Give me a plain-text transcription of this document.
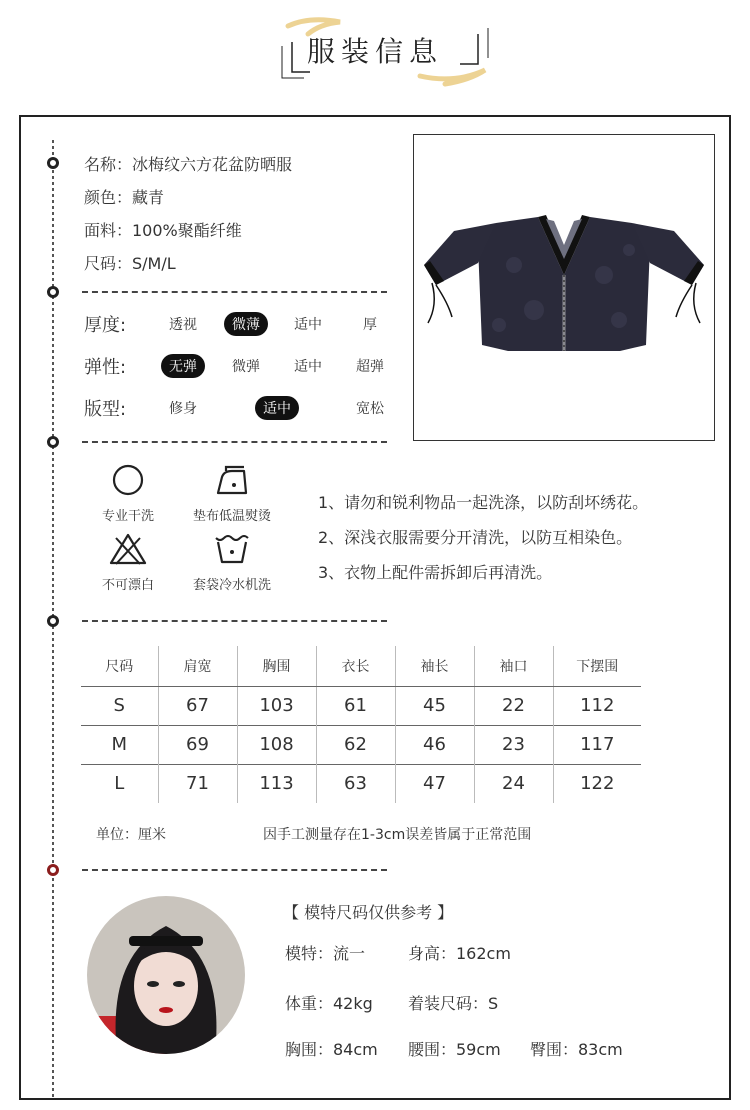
服装信息
名称：冰梅纹六方花盆防晒服
颜色：藏青
面料：100%聚酯纤维
尺码：S/M/L
厚度:	透视	微薄	适中	厚
弹性:	无弹	微弹 适中 超弹
版型:	修身	适中	宽松
专业干洗	垫布低温熨烫
不可漂白	套袋冷水机洗
1、请勿和锐利物品一起洗涤，以防刮坏绣花。
2、深浅衣服需要分开清洗，以防互相染色。
3、衣物上配件需拆卸后再清洗。
尺码	肩宽	胸围	衣长	袖长	袖口	下摆围
S	67	103	61	45	22	112
M	69	108	62	46	23	117
L	71	113	63	47	24	122
单位：厘米	因手工测量存在1-3cm误差皆属于正常范围
【 模特尺码仅供参考 】
模特：流一	身高：162cm
体重：42kg 着装尺码：S
胸围：84cm 腰围：59cm 臀围：83cm
